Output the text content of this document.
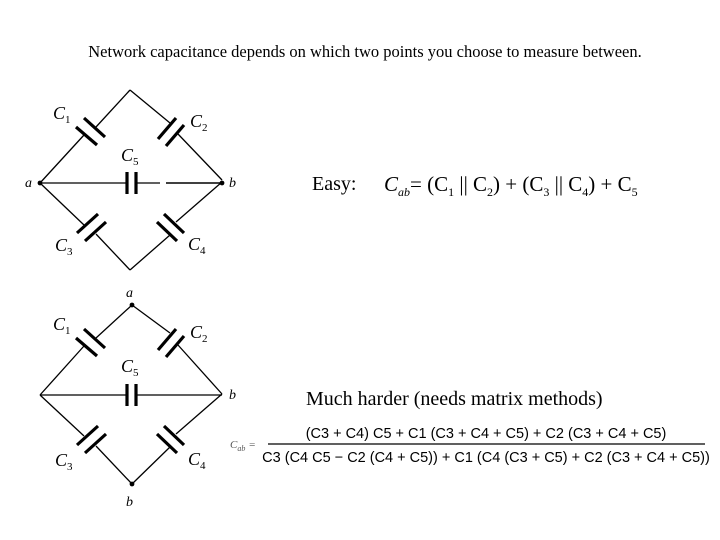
Network capacitance depends on which two points you choose to measure between.
$C_1$	$C_2$
$C_5$
$C_3$	$C_4$
a	b	Easy: $C_{ab}= (C_1$ || $C_2) + (C_3$ || $C_4) + C_5$
$C_1$	$C_2$
$C_5$
$C_3$	$C_4$
a
b
b	Much harder (needs matrix methods)
$C_{ab}$ =
(C3 + C4) C5 + C1 (C3 + C4 + C5) + C2 (C3 + C4 + C5)
C3 (C4 C5 − C2 (C4 + C5)) + C1 (C4 (C3 + C5) + C2 (C3 + C4 + C5))
